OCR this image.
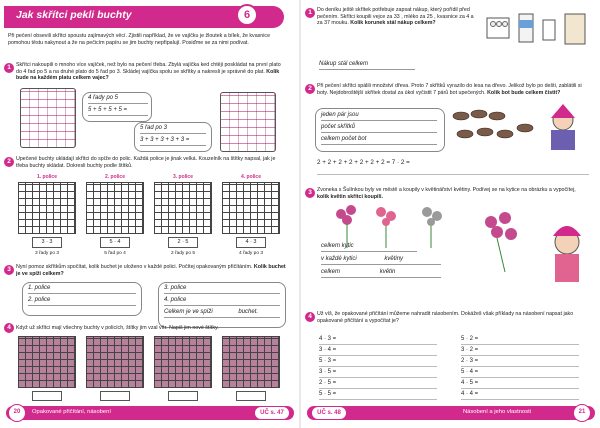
Jak skřítci pekli buchty	6
Při pečení obsevili skřítci spoustu zajímavých věcí. Zjistili například, že ve vajíčku je žloutek a bílek, že kvasnice pomohou těstu nakynout a že na pečicím papíru se jim buchty nepřipalují. Posiďme se za nimi podívat.
1 Skřítci nakoupili o mnoho více vajíček, než bylo na pečení třeba. Zbylá vajíčka ked chtěji poskládat na první plato do 4 řad po 5 a na druhé plato do 5 řad po 3. Skládej vajíčka spolu se skřítky a nakresli je správně do plat. Kolik bude na každém platu celkem vajec?
4 řady po 5
5 + 5 + 5 + 5 =
5 řad po 3
3 + 3 + 3 + 3 + 3 =
2 Upečené buchty ukládají skřítci do spíže do polic. Každá police je jinak velká. Kouzelník na štítky napsal, jak je třeba buchty skládat. Dokresli buchty podle štítků.
1. police	2. police	3. police	4. police
3 · 3	5 · 4	2 · 5	4 · 3
3 řady po 3	5 řad po 4	2 řady po 5	4 řady po 3
3 Nyní pomoz skřítkům spočítat, kolik buchet je uloženo v každé polici. Počítej opakovaným přičítáním. Kolik buchet je ve spíži celkem?
1. police
2. police
3. police
4. police
Celkem je ve spíži	buchet.
4 Když už skřítci mají všechny buchty v policích, štítky jim vzal vítr. Napiš jim nové štítky.
20	Opakované přičítání, násobení	UČ s. 47
1 Do deníku ještě skřítek potřebuje zapsat nákup, který pořídil před pečením. Skřítci koupili vejce za 33 , mléko za 25 , kvasnice za 4 a za 37 mouku. Kolik korunek stál nákup celkem?
Nákup stál celkem
2 Při pečení skřítci spálili množství dřeva. Proto 7 skřítků vyrazilo do lesa na dřevo. Jelikož bylo po dešti, zablátili si boty. Nejdobroštější skřítek dostal za úkol vyčistit 7 párů bot upečených. Kolik bot bude celkem čistit?
jeden pár jsou
počet skřítků
celkem počet bot
2 + 2 + 2 + 2 + 2 + 2 + 2 = 7 · 2 =
3 Zvoneka s Šulínkou byly ve městě a koupily v květinářství květiny. Podívej se na kytice na obrázku a vypočítej, kolik květin skřítci koupili.
celkem kytic
v každé kytici	květiny
celkem	květin
4 Už víš, že opakované přičítání můžeme nahradit násobením. Dokážeš však příklady na násobení napsat jako opakované přičítání a vypočítat je?
UČ s. 48	Násobení a jeho vlastnosti	21
4 · 3 =
3 · 4 =
5 · 3 =
3 · 5 =
2 · 5 =
5 · 5 =
5 · 2 =
3 · 2 =
2 · 3 =
5 · 4 =
4 · 5 =
4 · 4 =
